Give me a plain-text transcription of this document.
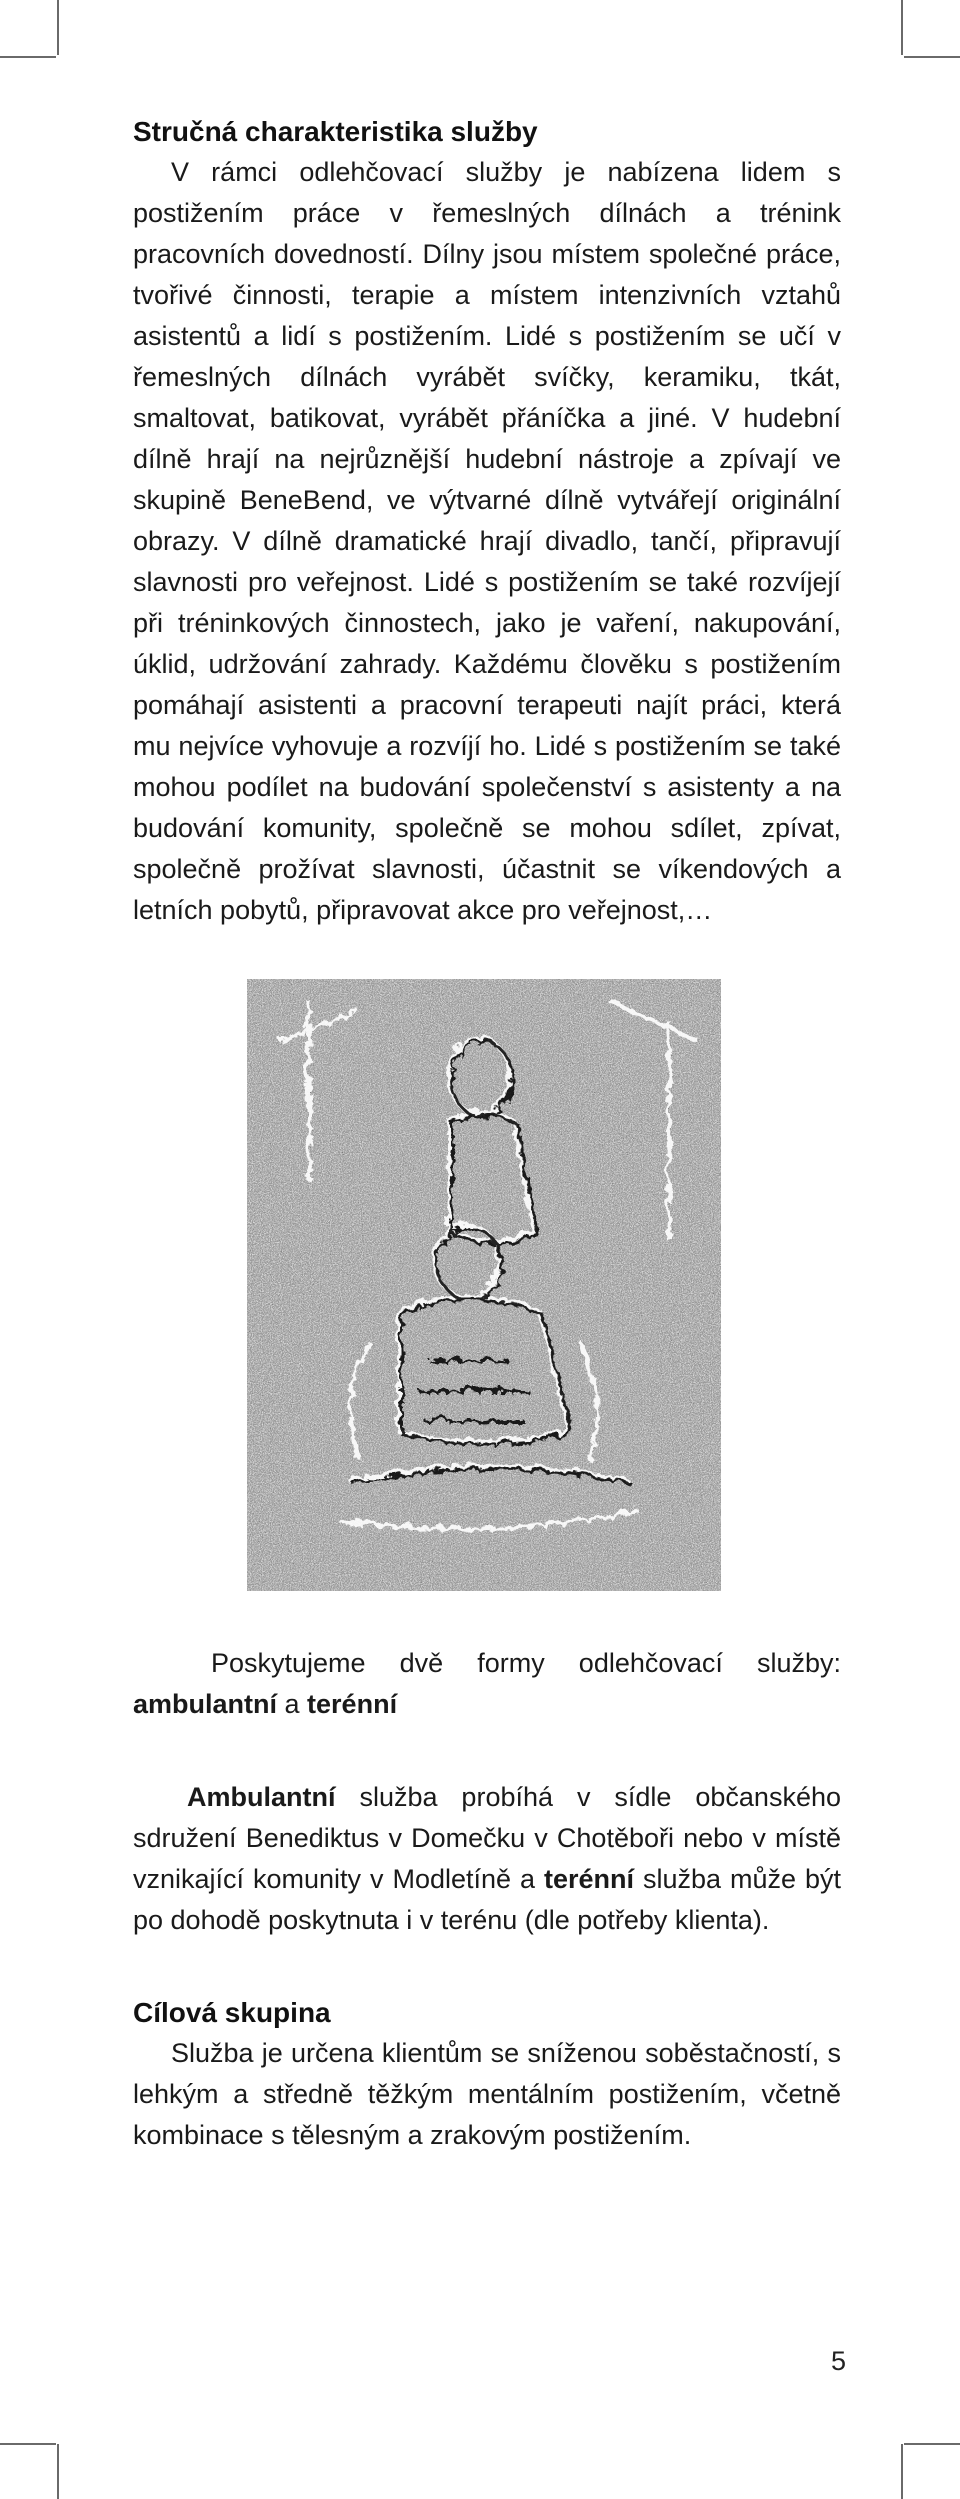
Stručná charakteristika služby

V rámci odlehčovací služby je nabízena lidem s postižením práce v řemeslných dílnách a trénink pracovních dovedností. Dílny jsou místem společné práce, tvořivé činnosti, terapie a místem intenzivních vztahů asistentů a lidí s postižením. Lidé s postižením se učí v řemeslných dílnách vyrábět svíčky, keramiku, tkát, smaltovat, batikovat, vyrábět přáníčka a jiné. V hudební dílně hrají na nejrůznější hudební nástroje a zpívají ve skupině BeneBend, ve výtvarné dílně vytvářejí originální obrazy. V dílně dramatické hrají divadlo, tančí, připravují slavnosti pro veřejnost. Lidé s postižením se také rozvíjejí při tréninkových činnostech, jako je vaření, nakupování, úklid, udržování zahrady. Každému člověku s postižením pomáhají asistenti a pracovní terapeuti najít práci, která mu nejvíce vyhovuje a rozvíjí ho. Lidé s postižením se také mohou podílet na budování společenství s asistenty a na budování komunity, společně se mohou sdílet, zpívat, společně prožívat slavnosti, účastnit se víkendových a letních pobytů, připravovat akce pro veřejnost,…

Poskytujeme dvě formy odlehčovací služby: ambulantní a terénní

Ambulantní služba probíhá v sídle občanského sdružení Benediktus v Domečku v Chotěboři nebo v místě vznikající komunity v Modletíně a terénní služba může být po dohodě poskytnuta i v terénu (dle potřeby klienta).

Cílová skupina

Služba je určena klientům se sníženou soběstačností, s lehkým a středně těžkým mentálním postižením, včetně kombinace s tělesným a zrakovým postižením.

5
